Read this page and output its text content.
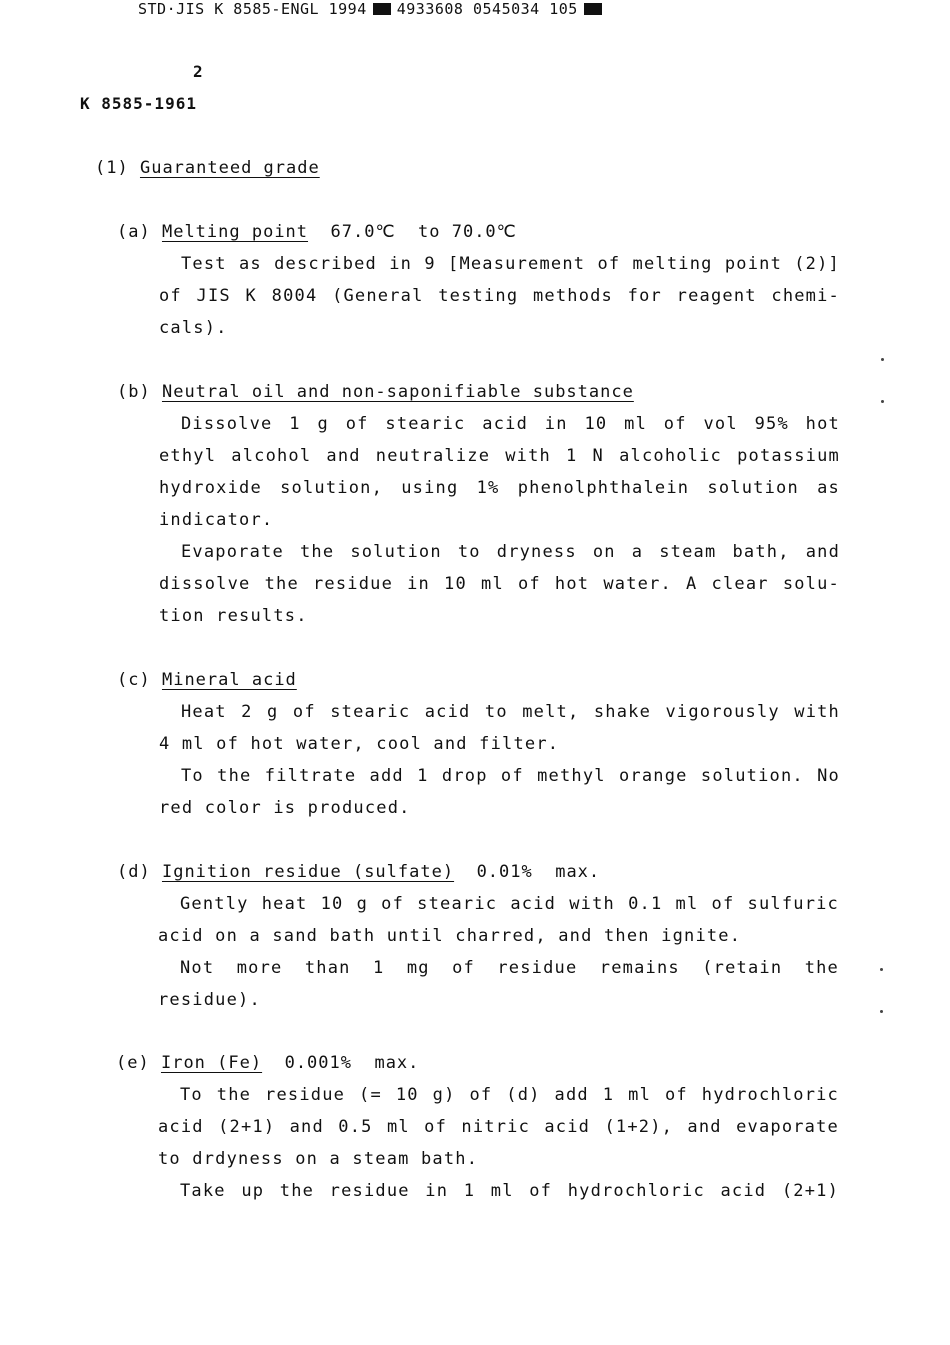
STD·JIS K 8585-ENGL 1994 4933608 0545034 105
2
K 8585-1961
(1) Guaranteed grade
(a) Melting point 67.0℃  to 70.0℃
Test as described in 9 [Measurement of melting point (2)]
of JIS K 8004 (General testing methods for reagent chemi-
cals).
(b) Neutral oil and non-saponifiable substance
Dissolve 1 g of stearic acid in 10 ml of vol 95% hot
ethyl alcohol and neutralize with 1 N alcoholic potassium
hydroxide solution, using 1% phenolphthalein solution as
indicator.
Evaporate the solution to dryness on a steam bath, and
dissolve the residue in 10 ml of hot water. A clear solu-
tion results.
(c) Mineral acid
Heat 2 g of stearic acid to melt, shake vigorously with
4 ml of hot water, cool and filter.
To the filtrate add 1 drop of methyl orange solution. No
red color is produced.
(d) Ignition residue (sulfate) 0.01%  max.
Gently heat 10 g of stearic acid with 0.1 ml of sulfuric
acid on a sand bath until charred, and then ignite.
Not more than 1 mg of residue remains (retain the
residue).
(e) Iron (Fe) 0.001%  max.
To the residue (= 10 g) of (d) add 1 ml of hydrochloric
acid (2+1) and 0.5 ml of nitric acid (1+2), and evaporate
to drdyness on a steam bath.
Take up the residue in 1 ml of hydrochloric acid (2+1)
